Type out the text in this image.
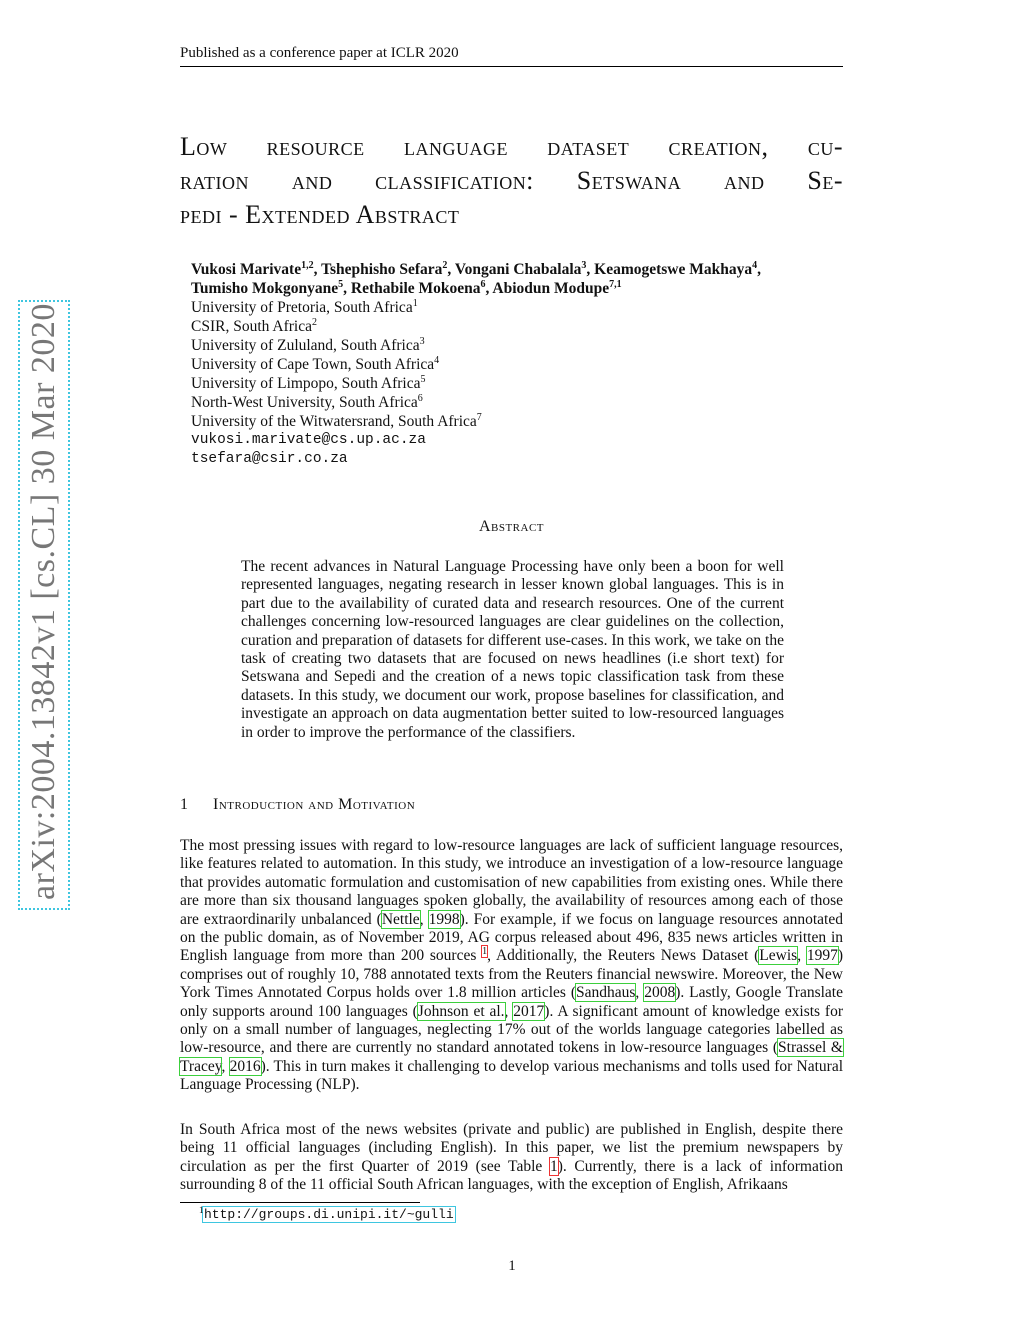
Published as a conference paper at ICLR 2020
arXiv:2004.13842v1 [cs.CL] 30 Mar 2020
Low resource language dataset creation, cu-
ration and classification: Setswana and Se-
pedi - Extended Abstract
Vukosi Marivate$^{1,2}$, Tshephisho Sefara$^2$, Vongani Chabalala$^3$, Keamogetswe Makhaya$^4$,
Tumisho Mokgonyane$^5$, Rethabile Mokoena$^6$, Abiodun Modupe$^{7,1}$
University of Pretoria, South Africa$^1$
CSIR, South Africa$^2$
University of Zululand, South Africa$^3$
University of Cape Town, South Africa$^4$
University of Limpopo, South Africa$^5$
North-West University, South Africa$^6$
University of the Witwatersrand, South Africa$^7$
vukosi.marivate@cs.up.ac.za
tsefara@csir.co.za
Abstract
The recent advances in Natural Language Processing have only been a boon for well represented languages, negating research in lesser known global languages. This is in part due to the availability of curated data and research resources. One of the current challenges concerning low-resourced languages are clear guidelines on the collection, curation and preparation of datasets for different use-cases. In this work, we take on the task of creating two datasets that are focused on news headlines (i.e short text) for Setswana and Sepedi and the creation of a news topic classification task from these datasets. In this study, we document our work, propose baselines for classification, and investigate an approach on data augmentation better suited to low-resourced languages in order to improve the performance of the classifiers.
1 Introduction and Motivation
The most pressing issues with regard to low-resource languages are lack of sufficient language resources, like features related to automation. In this study, we introduce an investigation of a low-resource language that provides automatic formulation and customisation of new capabilities from existing ones. While there are more than six thousand languages spoken globally, the availability of resources among each of those are extraordinarily unbalanced (Nettle, 1998). For example, if we focus on language resources annotated on the public domain, as of November 2019, AG corpus released about 496, 835 news articles written in English language from more than 200 sources $^1$, Additionally, the Reuters News Dataset (Lewis, 1997) comprises out of roughly 10, 788 annotated texts from the Reuters financial newswire. Moreover, the New York Times Annotated Corpus holds over 1.8 million articles (Sandhaus, 2008). Lastly, Google Translate only supports around 100 languages (Johnson et al., 2017). A significant amount of knowledge exists for only on a small number of languages, neglecting 17% out of the worlds language categories labelled as low-resource, and there are currently no standard annotated tokens in low-resource languages (Strassel & Tracey, 2016). This in turn makes it challenging to develop various mechanisms and tolls used for Natural Language Processing (NLP).
In South Africa most of the news websites (private and public) are published in English, despite there being 11 official languages (including English). In this paper, we list the premium newspapers by circulation as per the first Quarter of 2019 (see Table 1). Currently, there is a lack of information surrounding 8 of the 11 official South African languages, with the exception of English, Afrikaans
1 http://groups.di.unipi.it/~gulli
1
